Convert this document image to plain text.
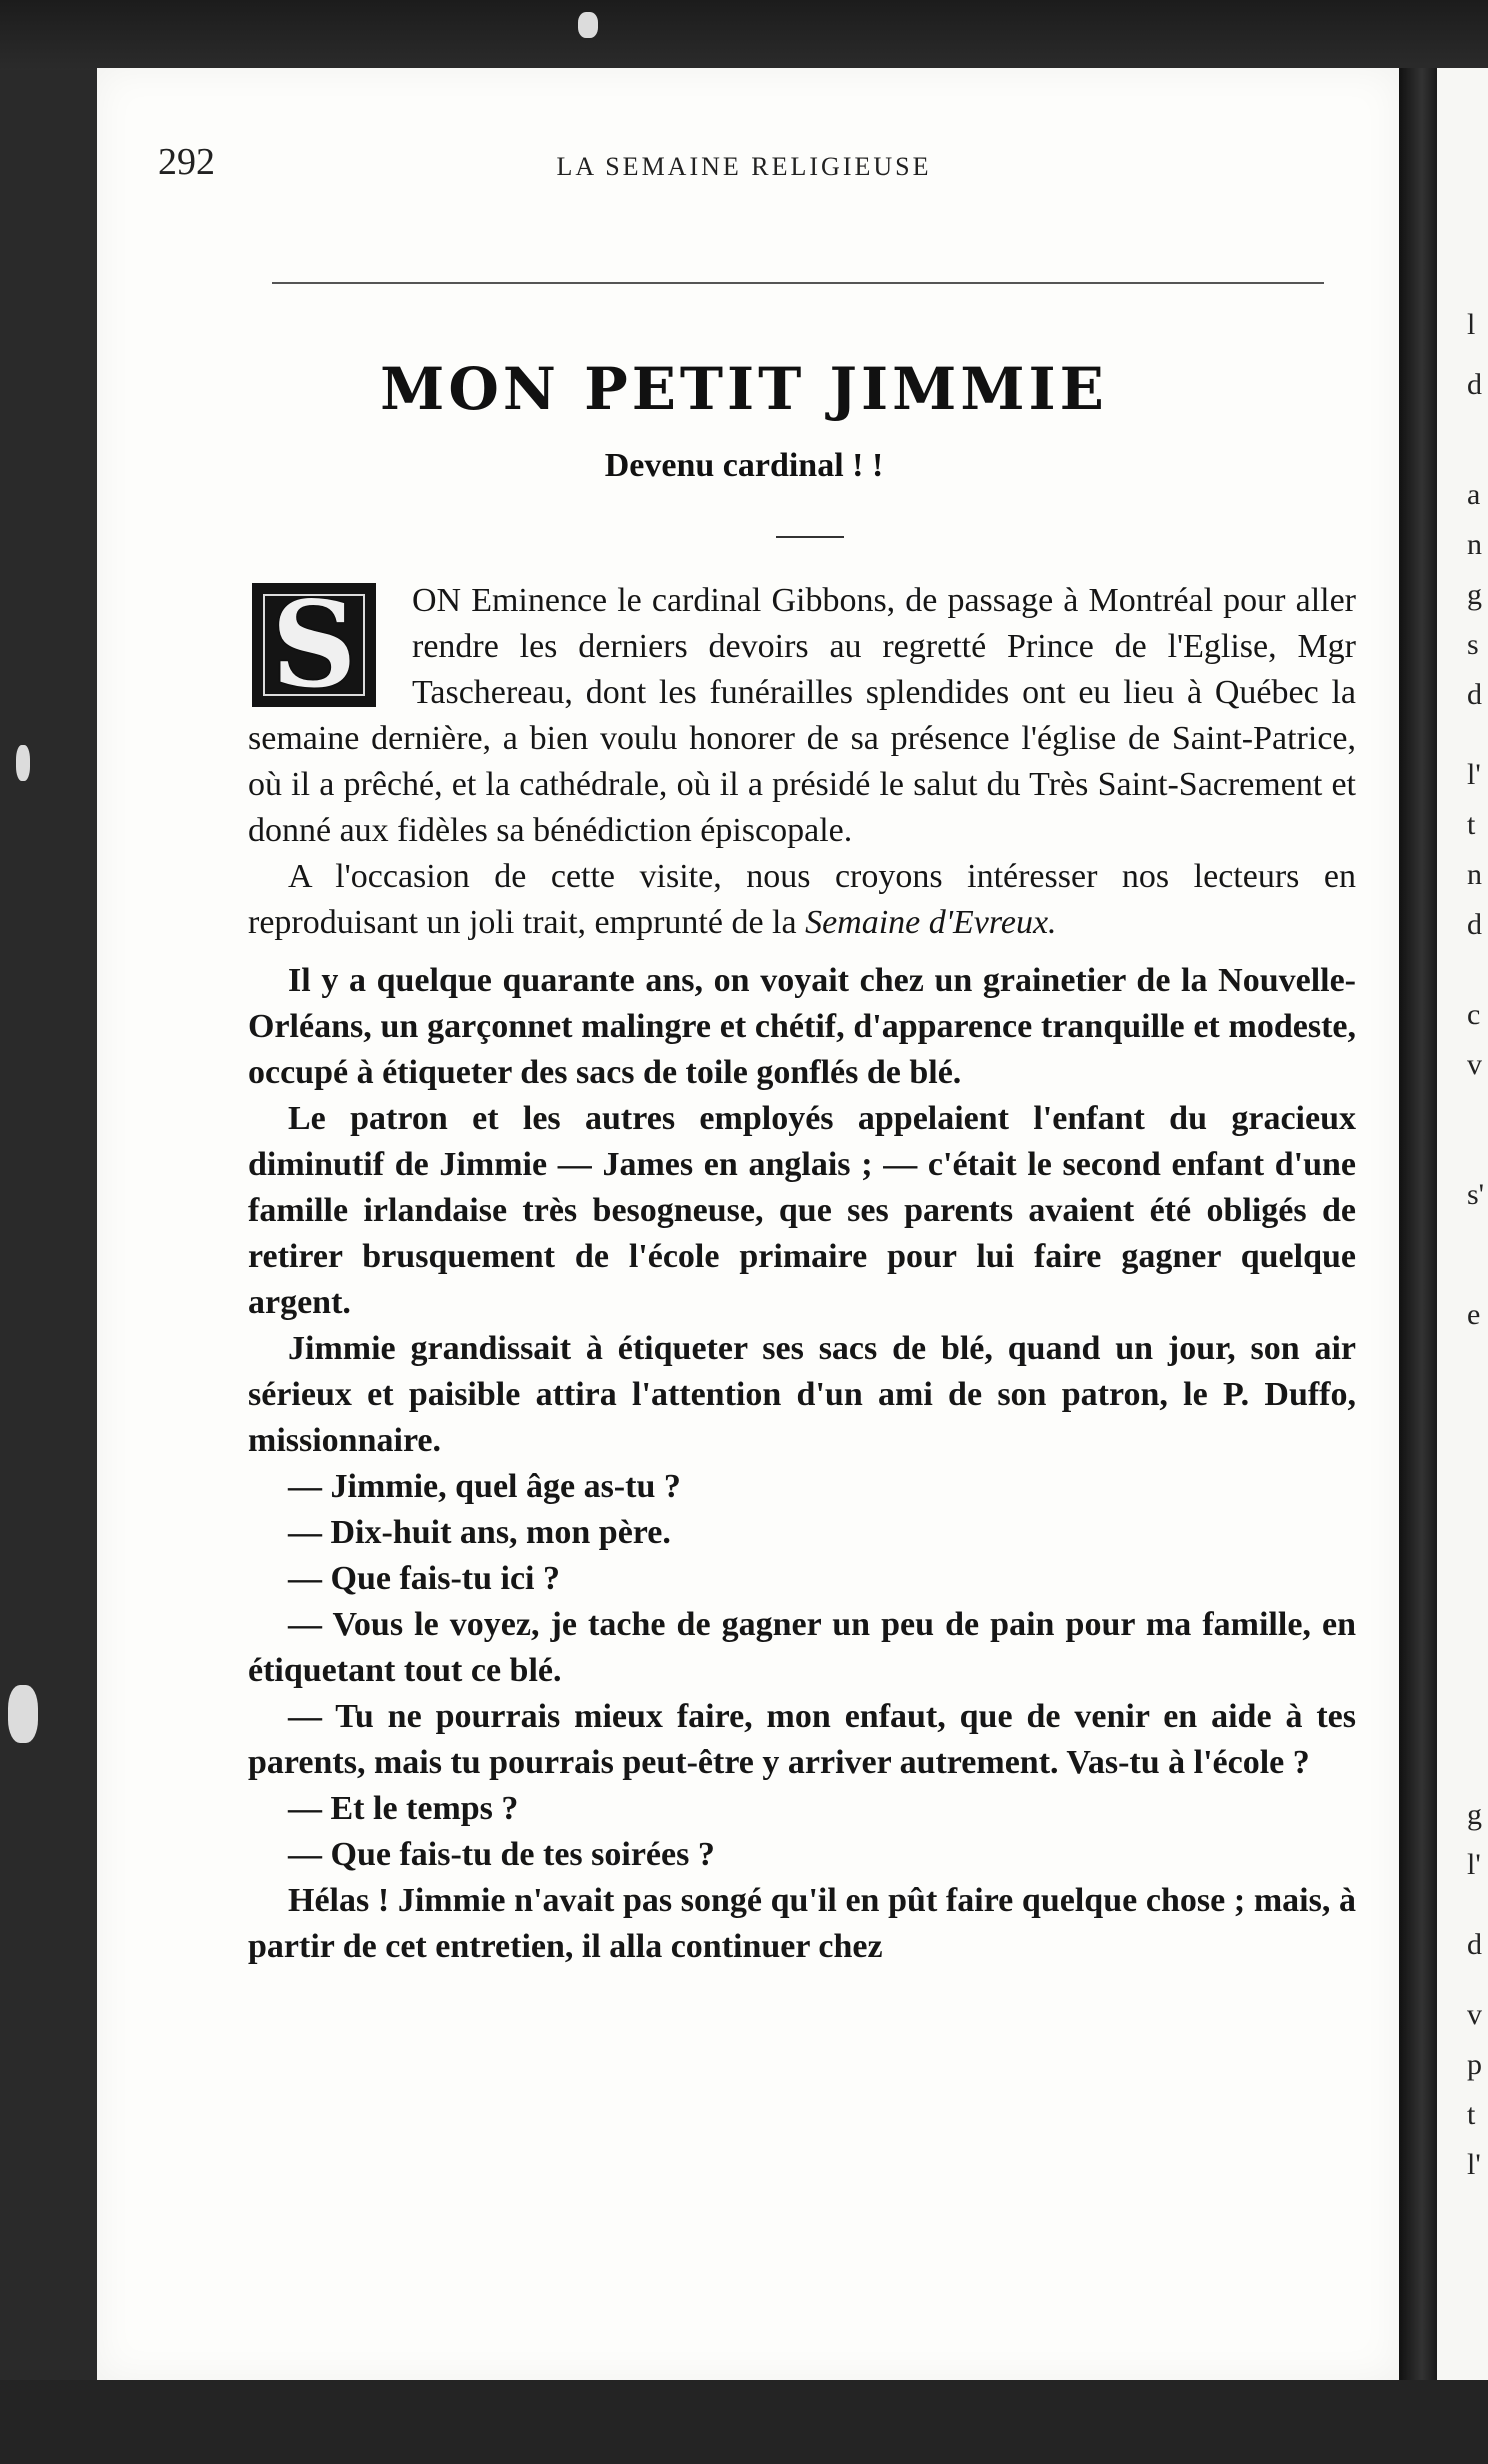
l
d
a
n
g
s
d
l'
t
n
d
c
v
s'
e
g
l'
d
v
p
t
l'
292	LA SEMAINE RELIGIEUSE
MON PETIT JIMMIE
Devenu cardinal ! !
S	ON Eminence le cardinal Gibbons, de passage à Montréal pour aller rendre les derniers devoirs au regretté Prince de l'Eglise, Mgr Taschereau, dont les funérailles splendides ont eu lieu à Québec la semaine dernière, a bien voulu honorer de sa présence l'église de Saint-Patrice, où il a prêché, et la cathédrale, où il a présidé le salut du Très Saint-Sacrement et donné aux fidèles sa bénédiction épiscopale.

A l'occasion de cette visite, nous croyons intéresser nos lecteurs en reproduisant un joli trait, emprunté de la Semaine d'Evreux.

Il y a quelque quarante ans, on voyait chez un grainetier de la Nouvelle-Orléans, un garçonnet malingre et chétif, d'apparence tranquille et modeste, occupé à étiqueter des sacs de toile gonflés de blé.

Le patron et les autres employés appelaient l'enfant du gracieux diminutif de Jimmie — James en anglais ; — c'était le second enfant d'une famille irlandaise très besogneuse, que ses parents avaient été obligés de retirer brusquement de l'école primaire pour lui faire gagner quelque argent.

Jimmie grandissait à étiqueter ses sacs de blé, quand un jour, son air sérieux et paisible attira l'attention d'un ami de son patron, le P. Duffo, missionnaire.

— Jimmie, quel âge as-tu ?

— Dix-huit ans, mon père.

— Que fais-tu ici ?

— Vous le voyez, je tache de gagner un peu de pain pour ma famille, en étiquetant tout ce blé.

— Tu ne pourrais mieux faire, mon enfaut, que de venir en aide à tes parents, mais tu pourrais peut-être y arriver autrement. Vas-tu à l'école ?

— Et le temps ?

— Que fais-tu de tes soirées ?

Hélas ! Jimmie n'avait pas songé qu'il en pût faire quelque chose ; mais, à partir de cet entretien, il alla continuer chez
